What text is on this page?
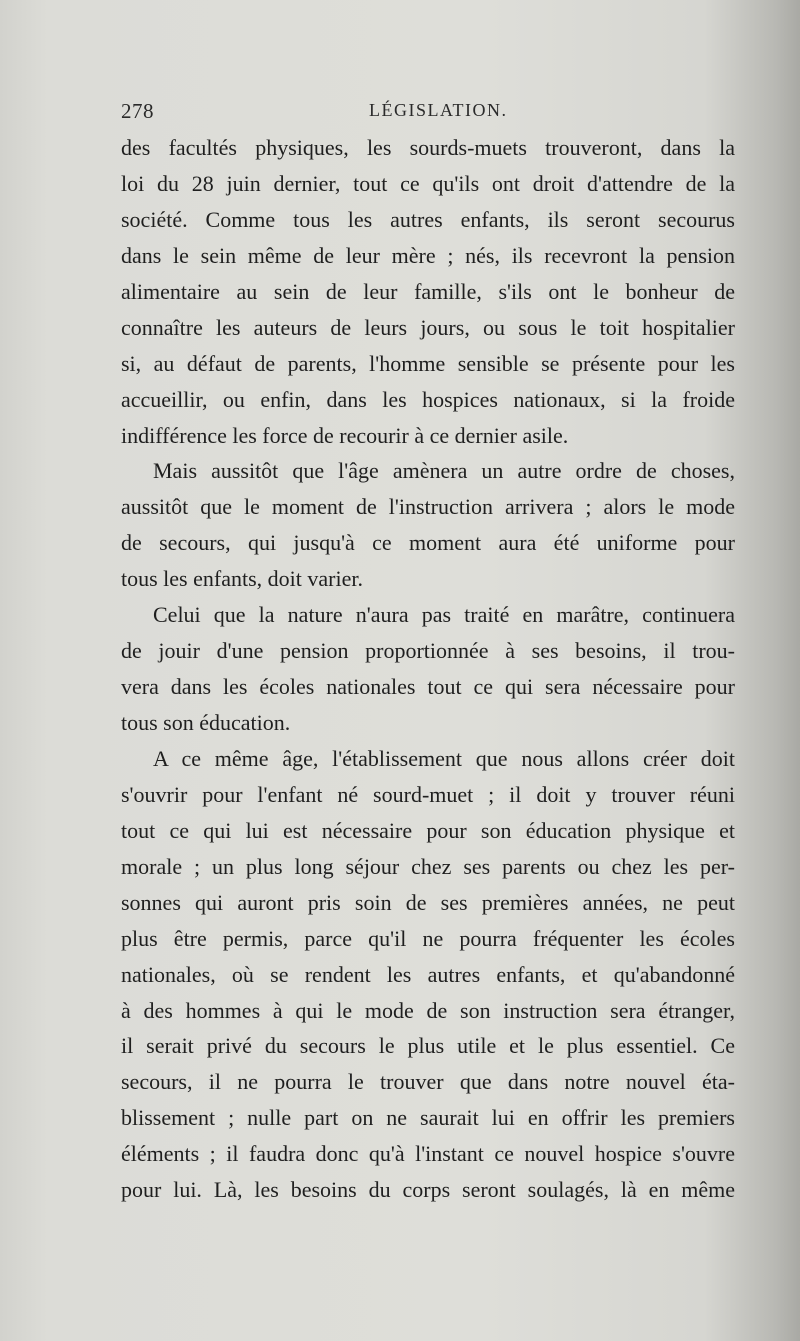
278	LÉGISLATION.
des facultés physiques, les sourds-muets trouveront, dans la
loi du 28 juin dernier, tout ce qu'ils ont droit d'attendre de la
société. Comme tous les autres enfants, ils seront secourus
dans le sein même de leur mère ; nés, ils recevront la pension
alimentaire au sein de leur famille, s'ils ont le bonheur de
connaître les auteurs de leurs jours, ou sous le toit hospitalier
si, au défaut de parents, l'homme sensible se présente pour les
accueillir, ou enfin, dans les hospices nationaux, si la froide
indifférence les force de recourir à ce dernier asile.
Mais aussitôt que l'âge amènera un autre ordre de choses,
aussitôt que le moment de l'instruction arrivera ; alors le mode
de secours, qui jusqu'à ce moment aura été uniforme pour
tous les enfants, doit varier.
Celui que la nature n'aura pas traité en marâtre, continuera
de jouir d'une pension proportionnée à ses besoins, il trou-
vera dans les écoles nationales tout ce qui sera nécessaire pour
tous son éducation.
A ce même âge, l'établissement que nous allons créer doit
s'ouvrir pour l'enfant né sourd-muet ; il doit y trouver réuni
tout ce qui lui est nécessaire pour son éducation physique et
morale ; un plus long séjour chez ses parents ou chez les per-
sonnes qui auront pris soin de ses premières années, ne peut
plus être permis, parce qu'il ne pourra fréquenter les écoles
nationales, où se rendent les autres enfants, et qu'abandonné
à des hommes à qui le mode de son instruction sera étranger,
il serait privé du secours le plus utile et le plus essentiel. Ce
secours, il ne pourra le trouver que dans notre nouvel éta-
blissement ; nulle part on ne saurait lui en offrir les premiers
éléments ; il faudra donc qu'à l'instant ce nouvel hospice s'ouvre
pour lui. Là, les besoins du corps seront soulagés, là en même
